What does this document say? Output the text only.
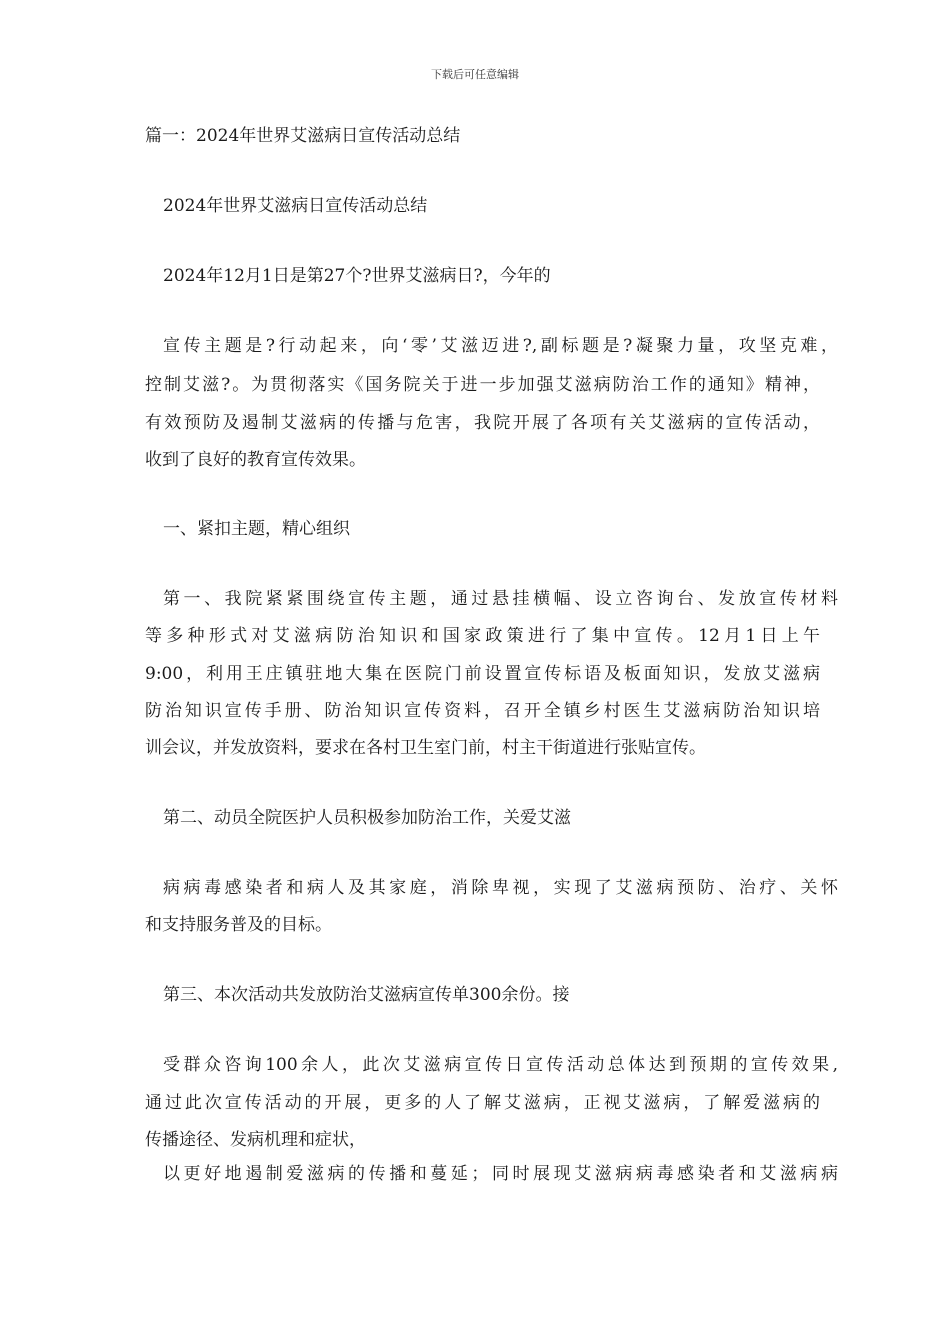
下载后可任意编辑
篇一：2024年世界艾滋病日宣传活动总结
2024年世界艾滋病日宣传活动总结
2024年12月1日是第27个?世界艾滋病日?，今年的
宣传主题是?行动起来，向‘零’艾滋迈进?,副标题是?凝聚力量，攻坚克难，
控制艾滋?。为贯彻落实《国务院关于进一步加强艾滋病防治工作的通知》精神，
有效预防及遏制艾滋病的传播与危害，我院开展了各项有关艾滋病的宣传活动，
收到了良好的教育宣传效果。
一、紧扣主题，精心组织
第一、我院紧紧围绕宣传主题，通过悬挂横幅、设立咨询台、发放宣传材料
等多种形式对艾滋病防治知识和国家政策进行了集中宣传。12月1日上午
9:00，利用王庄镇驻地大集在医院门前设置宣传标语及板面知识，发放艾滋病
防治知识宣传手册、防治知识宣传资料，召开全镇乡村医生艾滋病防治知识培
训会议，并发放资料，要求在各村卫生室门前，村主干街道进行张贴宣传。
第二、动员全院医护人员积极参加防治工作，关爱艾滋
病病毒感染者和病人及其家庭，消除卑视，实现了艾滋病预防、治疗、关怀
和支持服务普及的目标。
第三、本次活动共发放防治艾滋病宣传单300余份。接
受群众咨询100余人，此次艾滋病宣传日宣传活动总体达到预期的宣传效果,
通过此次宣传活动的开展，更多的人了解艾滋病，正视艾滋病，了解爱滋病的
传播途径、发病机理和症状，
以更好地遏制爱滋病的传播和蔓延；同时展现艾滋病病毒感染者和艾滋病病
